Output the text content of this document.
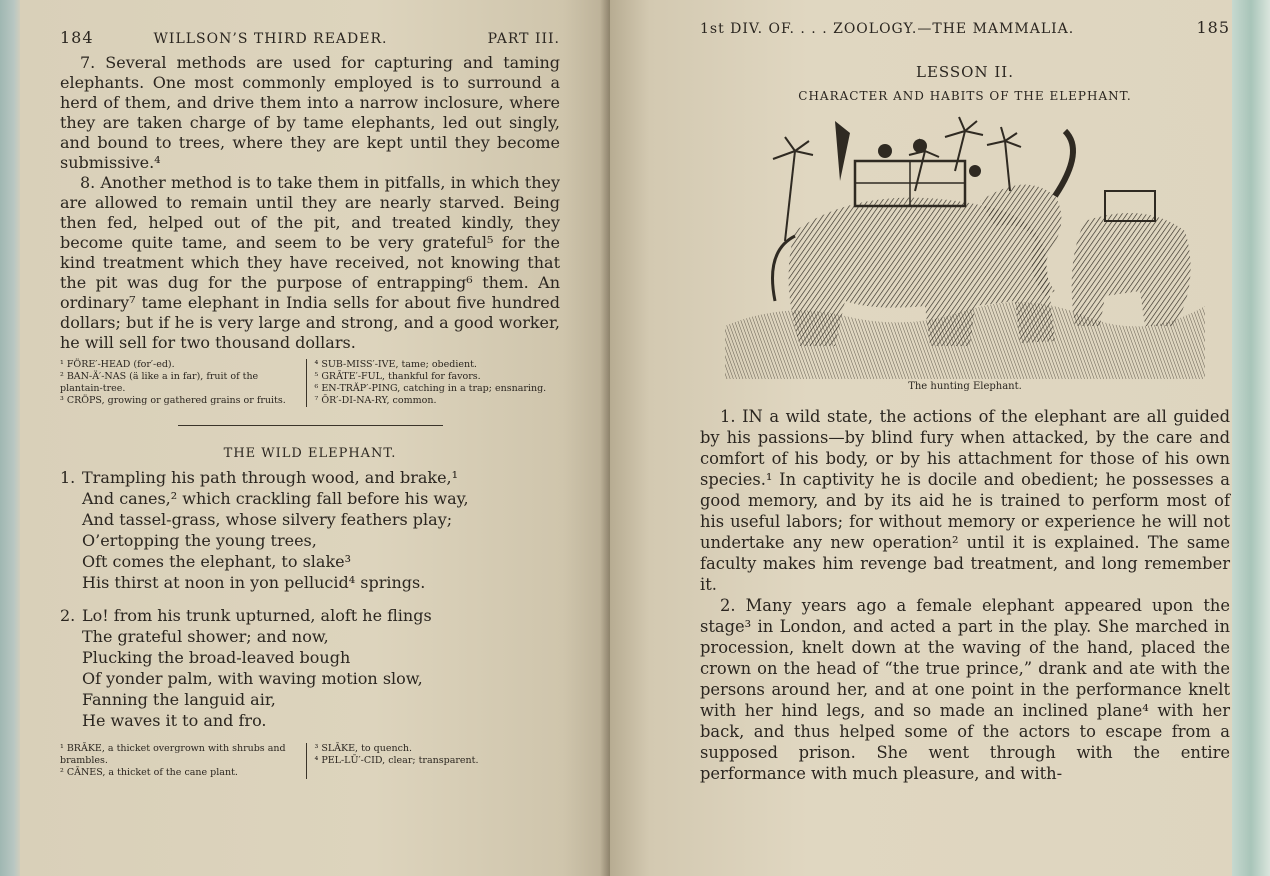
184	WILLSON’S THIRD READER.	PART III.

7. Several methods are used for capturing and taming elephants. One most commonly employed is to surround a herd of them, and drive them into a narrow inclosure, where they are taken charge of by tame elephants, led out singly, and bound to trees, where they are kept until they become submissive.⁴

8. Another method is to take them in pitfalls, in which they are allowed to remain until they are nearly starved. Being then fed, helped out of the pit, and treated kindly, they become quite tame, and seem to be very grateful⁵ for the kind treatment which they have received, not knowing that the pit was dug for the purpose of entrapping⁶ them. An ordinary⁷ tame elephant in India sells for about five hundred dollars; but if he is very large and strong, and a good worker, he will sell for two thousand dollars.

¹ FÖRE′-HEAD (for′-ed).
² BAN-Ä′-NAS (ä like a in far), fruit of the plantain-tree.
³ CRÖPS, growing or gathered grains or fruits.
⁴ SUB-MISS′-IVE, tame; obedient.
⁵ GRĀTE′-FUL, thankful for favors.
⁶ EN-TRĂP′-PING, catching in a trap; ensnaring.
⁷ ŌR′-DI-NA-RY, common.
THE WILD ELEPHANT.
1. Trampling his path through wood, and brake,¹
And canes,² which crackling fall before his way,
And tassel-grass, whose silvery feathers play;
O’ertopping the young trees,
Oft comes the elephant, to slake³
His thirst at noon in yon pellucid⁴ springs.
2. Lo! from his trunk upturned, aloft he flings
The grateful shower; and now,
Plucking the broad-leaved bough
Of yonder palm, with waving motion slow,
Fanning the languid air,
He waves it to and fro.
¹ BRĀKE, a thicket overgrown with shrubs and brambles.
² CĀNES, a thicket of the cane plant.
³ SLĀKE, to quench.
⁴ PEL-LŪ′-CID, clear; transparent.
1st DIV. OF. . . . ZOOLOGY.—THE MAMMALIA.	185
LESSON II.
CHARACTER AND HABITS OF THE ELEPHANT.
The hunting Elephant.

1. IN a wild state, the actions of the elephant are all guided by his passions—by blind fury when attacked, by the care and comfort of his body, or by his attachment for those of his own species.¹ In captivity he is docile and obedient; he possesses a good memory, and by its aid he is trained to perform most of his useful labors; for without memory or experience he will not undertake any new operation² until it is explained. The same faculty makes him revenge bad treatment, and long remember it.

2. Many years ago a female elephant appeared upon the stage³ in London, and acted a part in the play. She marched in procession, knelt down at the waving of the hand, placed the crown on the head of “the true prince,” drank and ate with the persons around her, and at one point in the performance knelt with her hind legs, and so made an inclined plane⁴ with her back, and thus helped some of the actors to escape from a supposed prison. She went through with the entire performance with much pleasure, and with-
